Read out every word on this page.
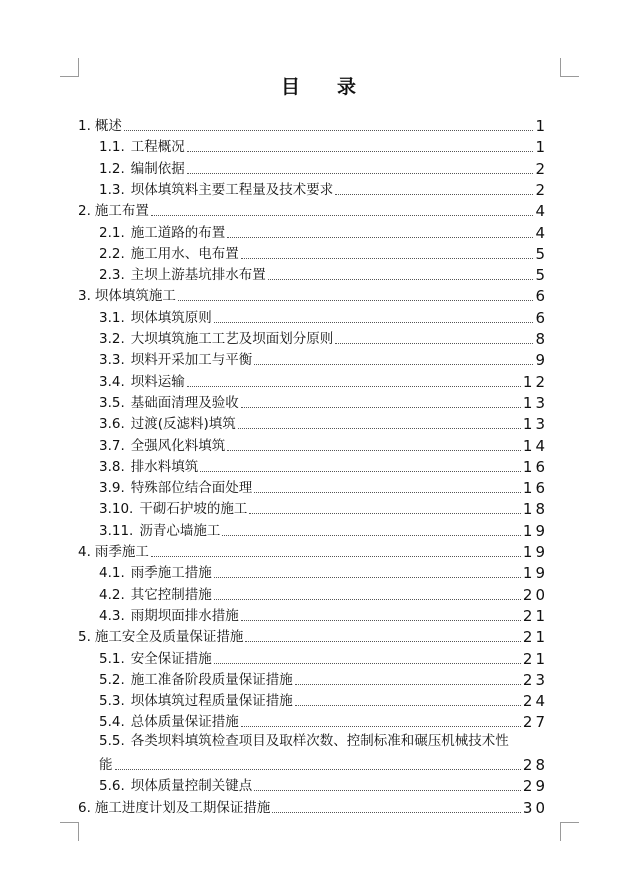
目 录
1. 概述	1
1.1. 工程概况	1
1.2. 编制依据	2
1.3. 坝体填筑料主要工程量及技术要求	2
2. 施工布置	4
2.1. 施工道路的布置	4
2.2. 施工用水、电布置	5
2.3. 主坝上游基坑排水布置	5
3. 坝体填筑施工	6
3.1. 坝体填筑原则	6
3.2. 大坝填筑施工工艺及坝面划分原则	8
3.3. 坝料开采加工与平衡	9
3.4. 坝料运输	12
3.5. 基础面清理及验收	13
3.6. 过渡(反滤料)填筑	13
3.7. 全强风化料填筑	14
3.8. 排水料填筑	16
3.9. 特殊部位结合面处理	16
3.10. 干砌石护坡的施工	18
3.11. 沥青心墙施工	19
4. 雨季施工	19
4.1. 雨季施工措施	19
4.2. 其它控制措施	20
4.3. 雨期坝面排水措施	21
5. 施工安全及质量保证措施	21
5.1. 安全保证措施	21
5.2. 施工准备阶段质量保证措施	23
5.3. 坝体填筑过程质量保证措施	24
5.4. 总体质量保证措施	27
5.5. 各类坝料填筑检查项目及取样次数、控制标准和碾压机械技术性
能	28
5.6. 坝体质量控制关键点	29
6. 施工进度计划及工期保证措施	30
